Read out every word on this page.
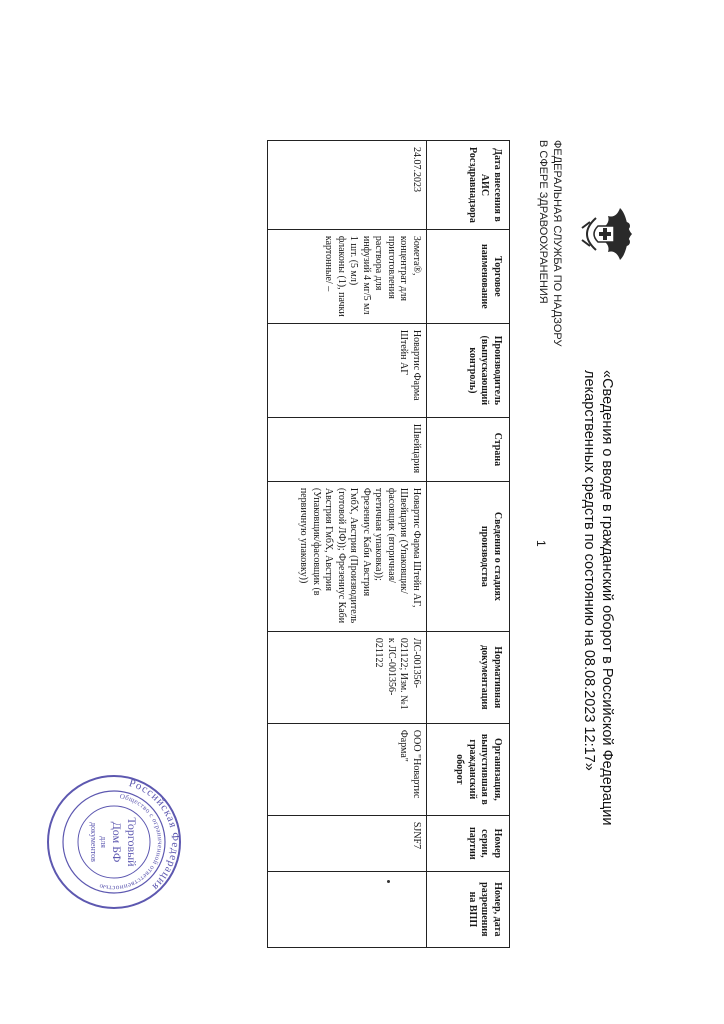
ФЕДЕРАЛЬНАЯ СЛУЖБА ПО НАДЗОРУ
В СФЕРЕ ЗДРАВООХРАНЕНИЯ
«Сведения о вводе в гражданский оборот в Российской Федерации
лекарственных средств по состоянию на 08.08.2023 12:17»
Дата внесения в АИС Росздравнадзора	Торговое наименование	Производитель (выпускающий контроль)	Страна	Сведения о стадиях производства	Нормативная документация	Организация, выпустившая в гражданский оборот	Номер серии, партии	Номер, дата разрешения на ВПП
24.07.2023	Зомета®, концентрат для приготовления раствора для инфузий 4 мг/5 мл 1 шт. (5 мл) флаконы (1), пачки картонные/ –	Новартис Фарма Штейн АГ	Швейцария	Новартис Фарма Штейн АГ, Швейцария (Упаковщик/фасовщик (вторичная/третичная упаковка)); Фрезениус Каби Австрия ГмбХ, Австрия (Производитель (готовой ЛФ)); Фрезениус Каби Австрия ГмбХ, Австрия (Упаковщик/фасовщик (в первичную упаковку))	ЛС-001356-021122; Изм. №1 к ЛС-001356-021122	ООО "Новартис Фарма"	SJNF7	
1
Российская Федерация
Общество с ограниченной ответственностью
Торговый
Дом БФ
для
документов
